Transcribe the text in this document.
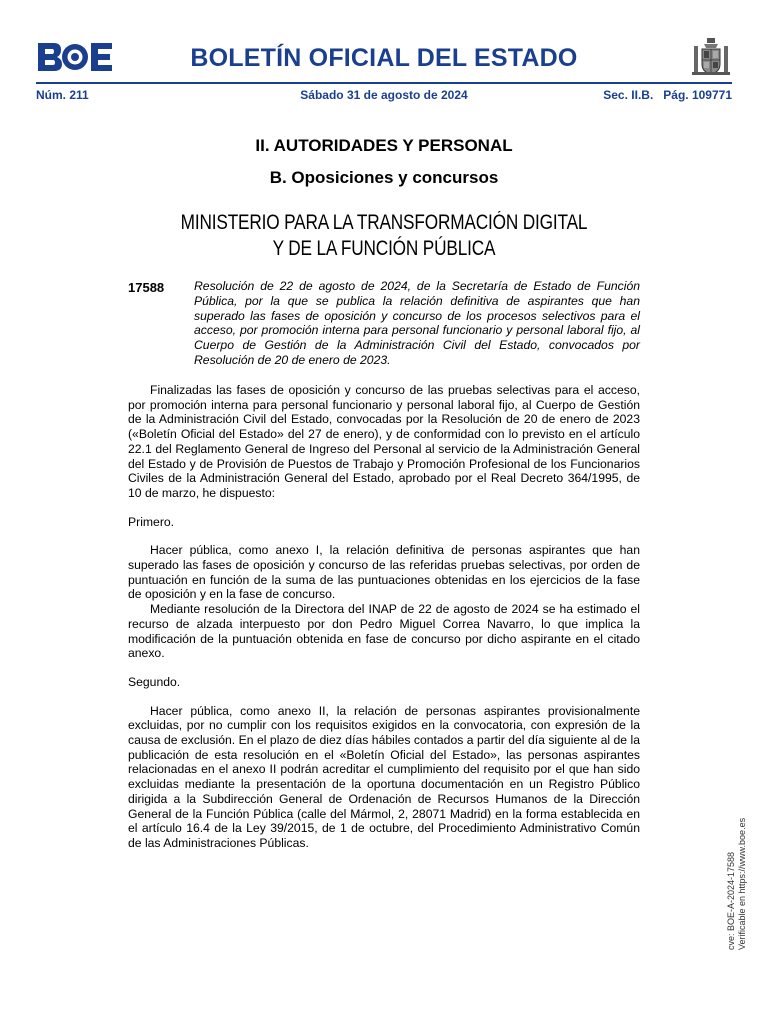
BOLETÍN OFICIAL DEL ESTADO
Núm. 211	Sábado 31 de agosto de 2024	Sec. II.B. Pág. 109771
II. AUTORIDADES Y PERSONAL
B. Oposiciones y concursos
MINISTERIO PARA LA TRANSFORMACIÓN DIGITAL
Y DE LA FUNCIÓN PÚBLICA
17588 Resolución de 22 de agosto de 2024, de la Secretaría de Estado de Función Pública, por la que se publica la relación definitiva de aspirantes que han superado las fases de oposición y concurso de los procesos selectivos para el acceso, por promoción interna para personal funcionario y personal laboral fijo, al Cuerpo de Gestión de la Administración Civil del Estado, convocados por Resolución de 20 de enero de 2023.

Finalizadas las fases de oposición y concurso de las pruebas selectivas para el acceso, por promoción interna para personal funcionario y personal laboral fijo, al Cuerpo de Gestión de la Administración Civil del Estado, convocadas por la Resolución de 20 de enero de 2023 («Boletín Oficial del Estado» del 27 de enero), y de conformidad con lo previsto en el artículo 22.1 del Reglamento General de Ingreso del Personal al servicio de la Administración General del Estado y de Provisión de Puestos de Trabajo y Promoción Profesional de los Funcionarios Civiles de la Administración General del Estado, aprobado por el Real Decreto 364/1995, de 10 de marzo, he dispuesto:

Primero.

Hacer pública, como anexo I, la relación definitiva de personas aspirantes que han superado las fases de oposición y concurso de las referidas pruebas selectivas, por orden de puntuación en función de la suma de las puntuaciones obtenidas en los ejercicios de la fase de oposición y en la fase de concurso.

Mediante resolución de la Directora del INAP de 22 de agosto de 2024 se ha estimado el recurso de alzada interpuesto por don Pedro Miguel Correa Navarro, lo que implica la modificación de la puntuación obtenida en fase de concurso por dicho aspirante en el citado anexo.

Segundo.

Hacer pública, como anexo II, la relación de personas aspirantes provisionalmente excluidas, por no cumplir con los requisitos exigidos en la convocatoria, con expresión de la causa de exclusión. En el plazo de diez días hábiles contados a partir del día siguiente al de la publicación de esta resolución en el «Boletín Oficial del Estado», las personas aspirantes relacionadas en el anexo II podrán acreditar el cumplimiento del requisito por el que han sido excluidas mediante la presentación de la oportuna documentación en un Registro Público dirigida a la Subdirección General de Ordenación de Recursos Humanos de la Dirección General de la Función Pública (calle del Mármol, 2, 28071 Madrid) en la forma establecida en el artículo 16.4 de la Ley 39/2015, de 1 de octubre, del Procedimiento Administrativo Común de las Administraciones Públicas.

cve: BOE-A-2024-17588 Verificable en https://www.boe.es
